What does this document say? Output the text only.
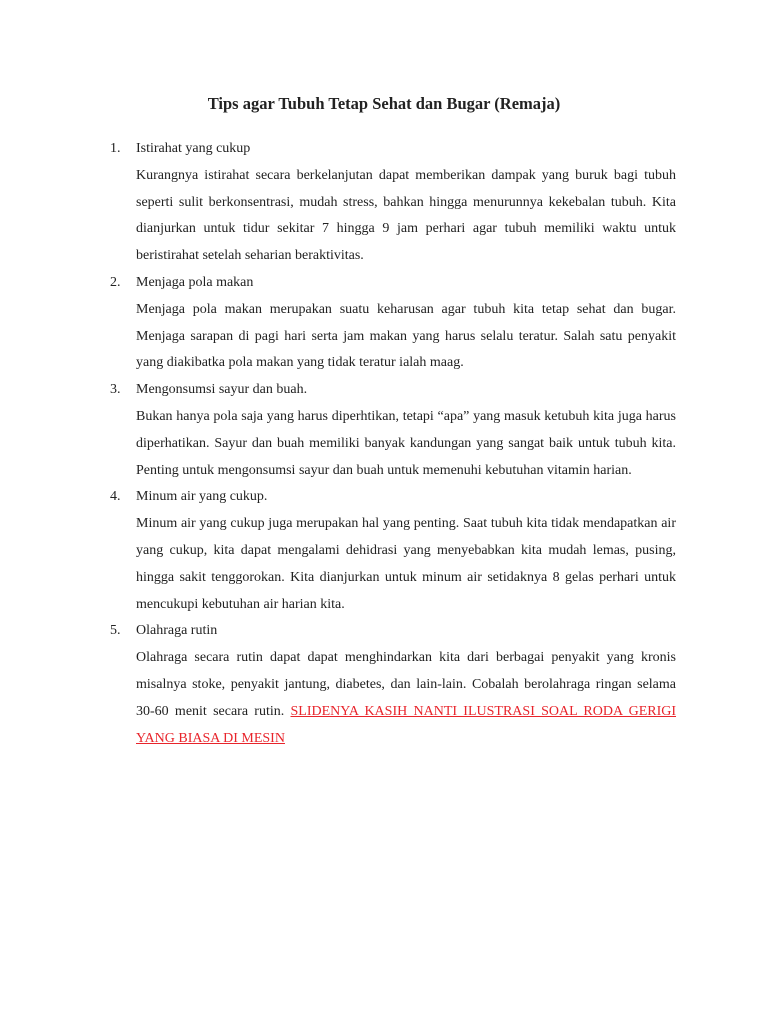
Tips agar Tubuh Tetap Sehat dan Bugar (Remaja)
1. Istirahat yang cukup

Kurangnya istirahat secara berkelanjutan dapat memberikan dampak yang buruk bagi tubuh seperti sulit berkonsentrasi, mudah stress, bahkan hingga menurunnya kekebalan tubuh. Kita dianjurkan untuk tidur sekitar 7 hingga 9 jam perhari agar tubuh memiliki waktu untuk beristirahat setelah seharian beraktivitas.

2. Menjaga pola makan

Menjaga pola makan merupakan suatu keharusan agar tubuh kita tetap sehat dan bugar. Menjaga sarapan di pagi hari serta jam makan yang harus selalu teratur. Salah satu penyakit yang diakibatka pola makan yang tidak teratur ialah maag.

3. Mengonsumsi sayur dan buah.

Bukan hanya pola saja yang harus diperhtikan, tetapi “apa” yang masuk ketubuh kita juga harus diperhatikan. Sayur dan buah memiliki banyak kandungan yang sangat baik untuk tubuh kita. Penting untuk mengonsumsi sayur dan buah untuk memenuhi kebutuhan vitamin harian.

4. Minum air yang cukup.

Minum air yang cukup juga merupakan hal yang penting. Saat tubuh kita tidak mendapatkan air yang cukup, kita dapat mengalami dehidrasi yang menyebabkan kita mudah lemas, pusing, hingga sakit tenggorokan. Kita dianjurkan untuk minum air setidaknya 8 gelas perhari untuk mencukupi kebutuhan air harian kita.

5. Olahraga rutin

Olahraga secara rutin dapat dapat menghindarkan kita dari berbagai penyakit yang kronis misalnya stoke, penyakit jantung, diabetes, dan lain-lain. Cobalah berolahraga ringan selama 30-60 menit secara rutin. SLIDENYA KASIH NANTI ILUSTRASI SOAL RODA GERIGI YANG BIASA DI MESIN
